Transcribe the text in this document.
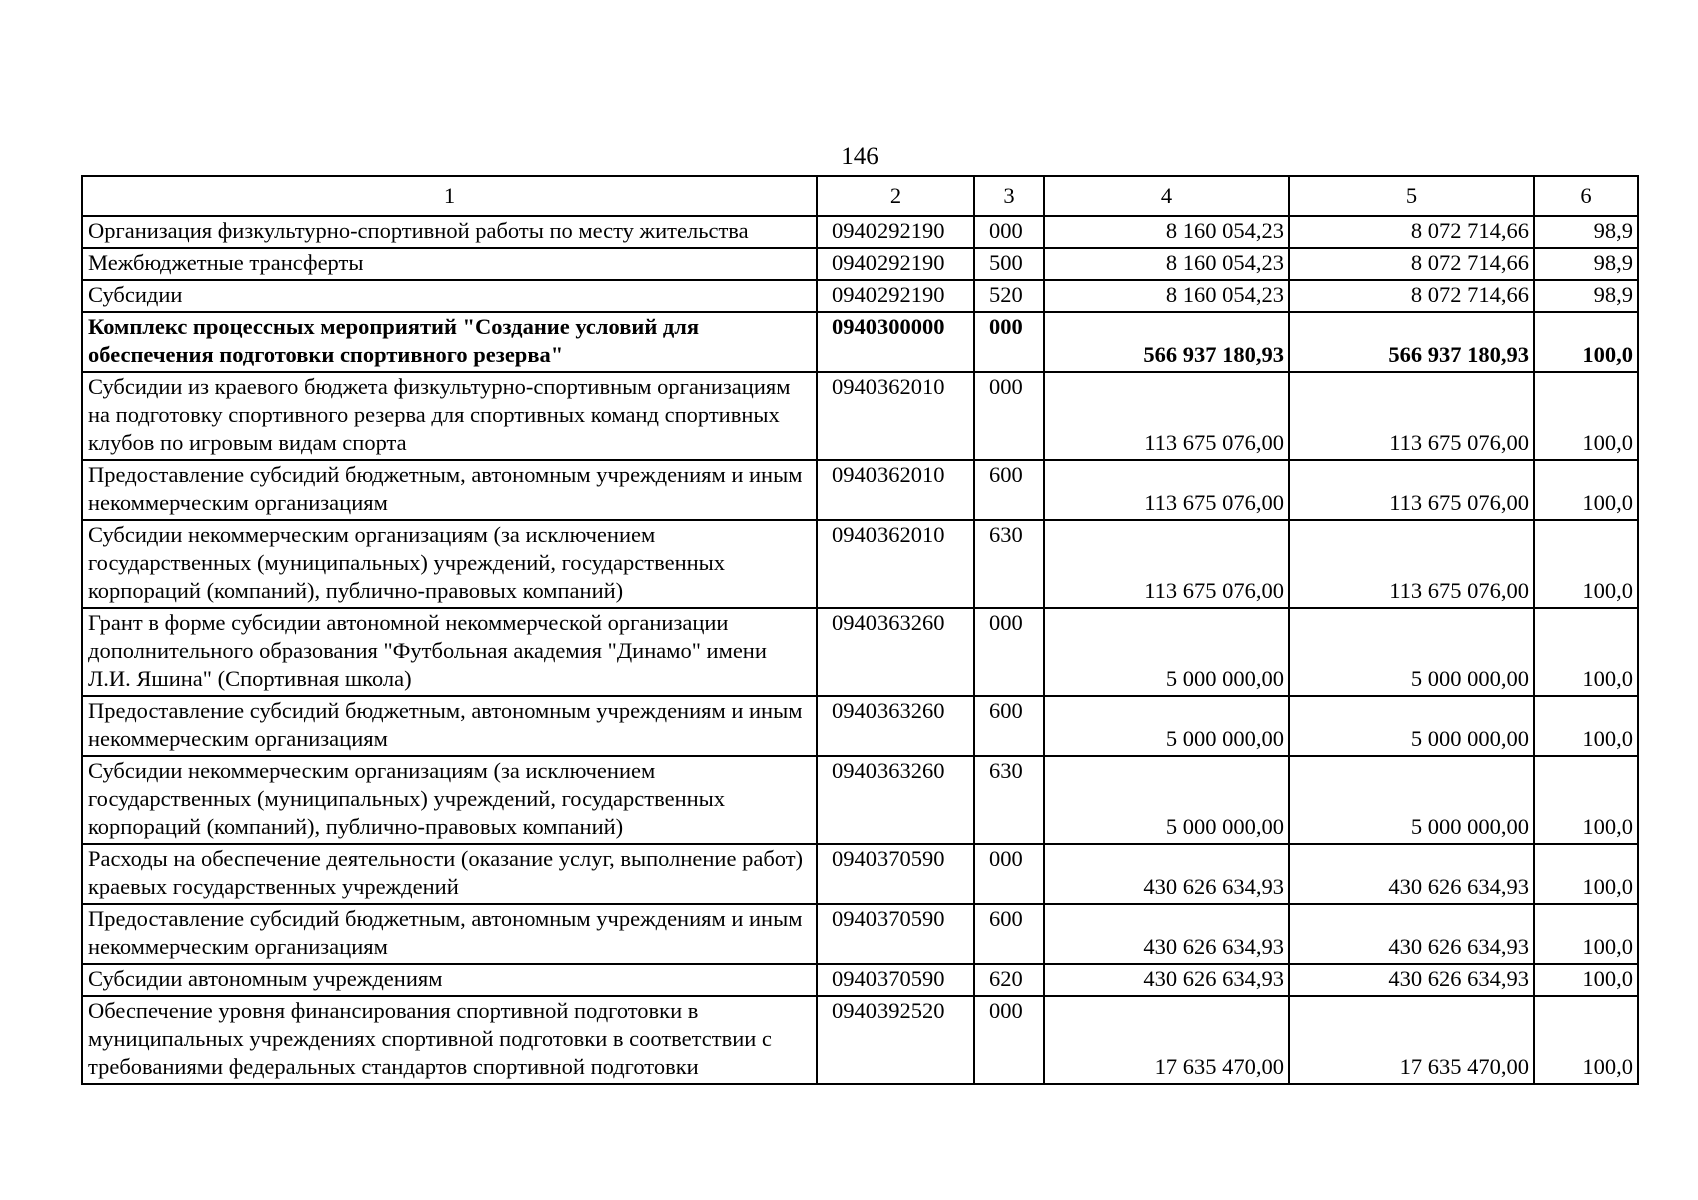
146
1	2	3	4	5	6
Организация физкультурно-спортивной работы по месту жительства	0940292190	000	8 160 054,23	8 072 714,66	98,9
Межбюджетные трансферты	0940292190	500	8 160 054,23	8 072 714,66	98,9
Субсидии	0940292190	520	8 160 054,23	8 072 714,66	98,9
Комплекс процессных мероприятий "Создание условий для обеспечения подготовки спортивного резерва"	0940300000	000	566 937 180,93	566 937 180,93	100,0
Субсидии из краевого бюджета физкультурно-спортивным организациям на подготовку спортивного резерва для спортивных команд спортивных клубов по игровым видам спорта	0940362010	000	113 675 076,00	113 675 076,00	100,0
Предоставление субсидий бюджетным, автономным учреждениям и иным некоммерческим организациям	0940362010	600	113 675 076,00	113 675 076,00	100,0
Субсидии некоммерческим организациям (за исключением государственных (муниципальных) учреждений, государственных корпораций (компаний), публично-правовых компаний)	0940362010	630	113 675 076,00	113 675 076,00	100,0
Грант в форме субсидии автономной некоммерческой организации дополнительного образования "Футбольная академия "Динамо" имени Л.И. Яшина" (Спортивная школа)	0940363260	000	5 000 000,00	5 000 000,00	100,0
Предоставление субсидий бюджетным, автономным учреждениям и иным некоммерческим организациям	0940363260	600	5 000 000,00	5 000 000,00	100,0
Субсидии некоммерческим организациям (за исключением государственных (муниципальных) учреждений, государственных корпораций (компаний), публично-правовых компаний)	0940363260	630	5 000 000,00	5 000 000,00	100,0
Расходы на обеспечение деятельности (оказание услуг, выполнение работ) краевых государственных учреждений	0940370590	000	430 626 634,93	430 626 634,93	100,0
Предоставление субсидий бюджетным, автономным учреждениям и иным некоммерческим организациям	0940370590	600	430 626 634,93	430 626 634,93	100,0
Субсидии автономным учреждениям	0940370590	620	430 626 634,93	430 626 634,93	100,0
Обеспечение уровня финансирования спортивной подготовки в муниципальных учреждениях спортивной подготовки в соответствии с требованиями федеральных стандартов спортивной подготовки	0940392520	000	17 635 470,00	17 635 470,00	100,0
